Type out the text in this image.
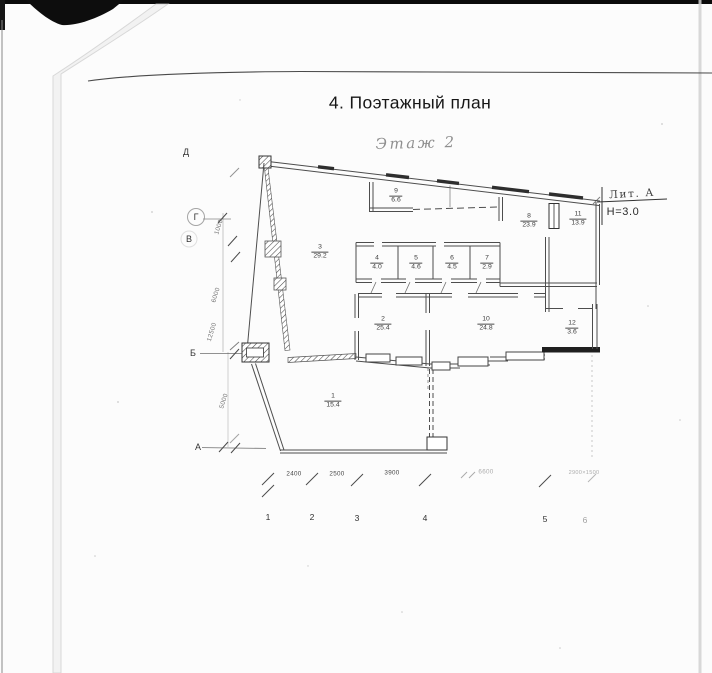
4. Поэтажный план
Этаж 2
Лит. А
Н=3.0
1
15.4
2
25.4
3
29.2	4
4.0
5
4.6
6
4.5
7
2.9
8
23.9
9
6.6
10
24.8
11
13.9
12
3.6
Д
Г
В
Б
А
1000
6000
12500
5000
2400	2500	3900	6600	2900×1500
1	2	3	4	5	6
